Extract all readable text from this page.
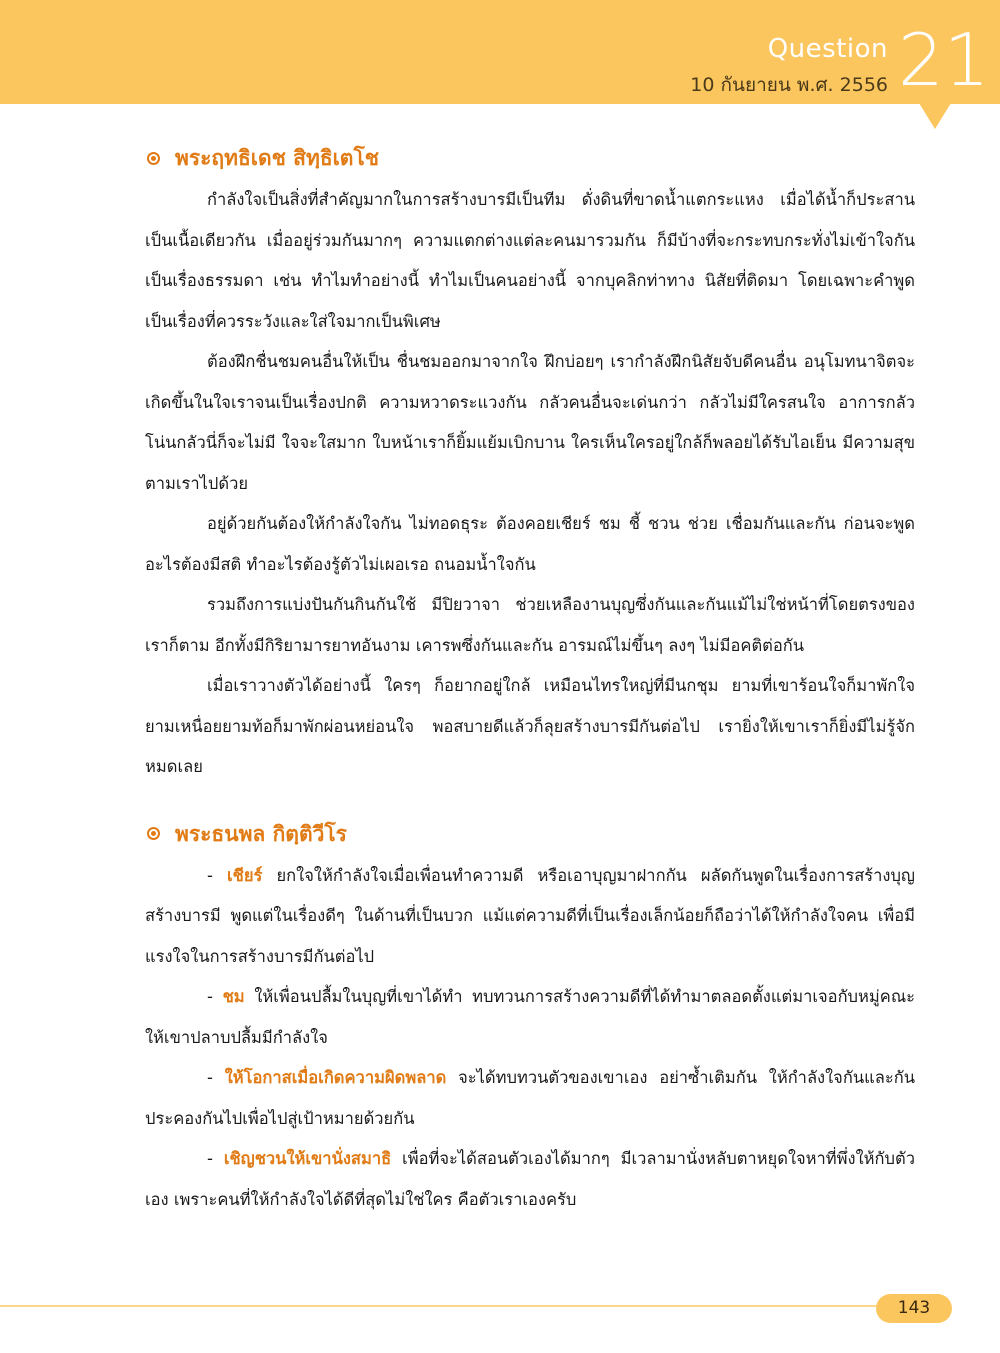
Question
10 กันยายน พ.ศ. 2556 21
พระฤทธิเดช สิทฺธิเตโช

กำลังใจเป็นสิ่งที่สำคัญมากในการสร้างบารมีเป็นทีม ดั่งดินที่ขาดน้ำแตกระแหง เมื่อได้น้ำก็ประสานเป็นเนื้อเดียวกัน เมื่ออยู่ร่วมกันมากๆ ความแตกต่างแต่ละคนมารวมกัน ก็มีบ้างที่จะกระทบกระทั่งไม่เข้าใจกันเป็นเรื่องธรรมดา เช่น ทำไมทำอย่างนี้ ทำไมเป็นคนอย่างนี้ จากบุคลิกท่าทาง นิสัยที่ติดมา โดยเฉพาะคำพูด เป็นเรื่องที่ควรระวังและใส่ใจมากเป็นพิเศษ

ต้องฝึกชื่นชมคนอื่นให้เป็น ชื่นชมออกมาจากใจ ฝึกบ่อยๆ เรากำลังฝึกนิสัยจับดีคนอื่น อนุโมทนาจิตจะเกิดขึ้นในใจเราจนเป็นเรื่องปกติ ความหวาดระแวงกัน กลัวคนอื่นจะเด่นกว่า กลัวไม่มีใครสนใจ อาการกลัวโน่นกลัวนี่ก็จะไม่มี ใจจะใสมาก ใบหน้าเราก็ยิ้มแย้มเบิกบาน ใครเห็นใครอยู่ใกล้ก็พลอยได้รับไอเย็น มีความสุขตามเราไปด้วย

อยู่ด้วยกันต้องให้กำลังใจกัน ไม่ทอดธุระ ต้องคอยเชียร์ ชม ชี้ ชวน ช่วย เชื่อมกันและกัน ก่อนจะพูดอะไรต้องมีสติ ทำอะไรต้องรู้ตัวไม่เผอเรอ ถนอมน้ำใจกัน

รวมถึงการแบ่งปันกันกินกันใช้ มีปิยวาจา ช่วยเหลืองานบุญซึ่งกันและกันแม้ไม่ใช่หน้าที่โดยตรงของเราก็ตาม อีกทั้งมีกิริยามารยาทอันงาม เคารพซึ่งกันและกัน อารมณ์ไม่ขึ้นๆ ลงๆ ไม่มีอคติต่อกัน

เมื่อเราวางตัวได้อย่างนี้ ใครๆ ก็อยากอยู่ใกล้ เหมือนไทรใหญ่ที่มีนกชุม ยามที่เขาร้อนใจก็มาพักใจ ยามเหนื่อยยามท้อก็มาพักผ่อนหย่อนใจ พอสบายดีแล้วก็ลุยสร้างบารมีกันต่อไป เรายิ่งให้เขาเราก็ยิ่งมีไม่รู้จักหมดเลย

พระธนพล กิตฺติวีโร

- เชียร์ ยกใจให้กำลังใจเมื่อเพื่อนทำความดี หรือเอาบุญมาฝากกัน ผลัดกันพูดในเรื่องการสร้างบุญสร้างบารมี พูดแต่ในเรื่องดีๆ ในด้านที่เป็นบวก แม้แต่ความดีที่เป็นเรื่องเล็กน้อยก็ถือว่าได้ให้กำลังใจคน เพื่อมีแรงใจในการสร้างบารมีกันต่อไป

- ชม ให้เพื่อนปลื้มในบุญที่เขาได้ทำ ทบทวนการสร้างความดีที่ได้ทำมาตลอดตั้งแต่มาเจอกับหมู่คณะ ให้เขาปลาบปลื้มมีกำลังใจ

- ให้โอกาสเมื่อเกิดความผิดพลาด จะได้ทบทวนตัวของเขาเอง อย่าซ้ำเติมกัน ให้กำลังใจกันและกัน ประคองกันไปเพื่อไปสู่เป้าหมายด้วยกัน

- เชิญชวนให้เขานั่งสมาธิ เพื่อที่จะได้สอนตัวเองได้มากๆ มีเวลามานั่งหลับตาหยุดใจหาที่พึ่งให้กับตัวเอง เพราะคนที่ให้กำลังใจได้ดีที่สุดไม่ใช่ใคร คือตัวเราเองครับ

143
